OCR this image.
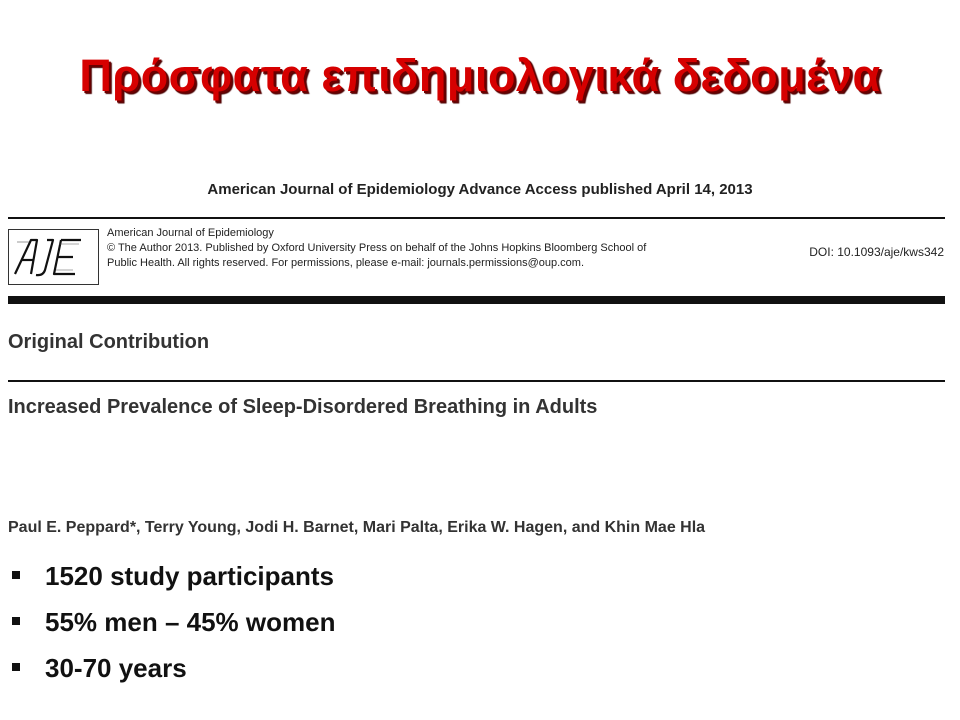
Πρόσφατα επιδημιολογικά δεδομένα
American Journal of Epidemiology Advance Access published April 14, 2013
American Journal of Epidemiology
© The Author 2013. Published by Oxford University Press on behalf of the Johns Hopkins Bloomberg School of
Public Health. All rights reserved. For permissions, please e-mail: journals.permissions@oup.com.
DOI: 10.1093/aje/kws342
Original Contribution
Increased Prevalence of Sleep-Disordered Breathing in Adults
Paul E. Peppard*, Terry Young, Jodi H. Barnet, Mari Palta, Erika W. Hagen, and Khin Mae Hla
1520 study participants
55% men – 45% women
30-70 years
